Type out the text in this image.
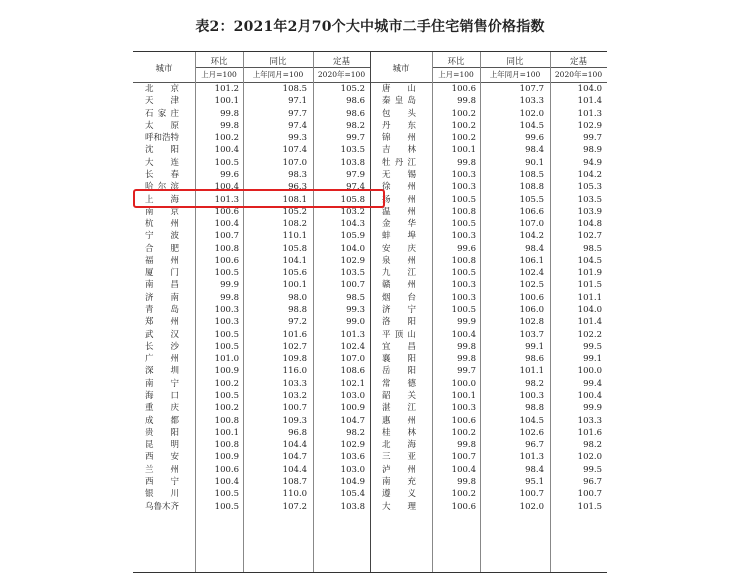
表2：2021年2月70个大中城市二手住宅销售价格指数
城市
环比	同比	定基
上月=100	上年同月=100	2020年=100
城市
环比	同比	定基
上月=100	上年同月=100	2020年=100
北京	101.2	108.5	105.2	唐山	100.6	107.7	104.0
天津	100.1	97.1	98.6	秦皇岛	99.8	103.3	101.4
石家庄	99.8	97.7	98.6	包头	100.2	102.0	101.3
太原	99.8	97.4	98.2	丹东	100.2	104.5	102.9
呼和浩特	100.2	99.3	99.7	锦州	100.2	99.6	99.7
沈阳	100.4	107.4	103.5	吉林	100.1	98.4	98.9
大连	100.5	107.0	103.8	牡丹江	99.8	90.1	94.9
长春	99.6	98.3	97.9	无锡	100.3	108.5	104.2
哈尔滨	100.4	96.3	97.4	徐州	100.3	108.8	105.3
上海	101.3	108.1	105.8	扬州	100.5	105.5	103.5
南京	100.6	105.2	103.2	温州	100.8	106.6	103.9
杭州	100.4	108.2	104.3	金华	100.5	107.0	104.8
宁波	100.7	110.1	105.9	蚌埠	100.3	104.2	102.7
合肥	100.8	105.8	104.0	安庆	99.6	98.4	98.5
福州	100.6	104.1	102.9	泉州	100.8	106.1	104.5
厦门	100.5	105.6	103.5	九江	100.5	102.4	101.9
南昌	99.9	100.1	100.7	赣州	100.3	102.5	101.5
济南	99.8	98.0	98.5	烟台	100.3	100.6	101.1
青岛	100.3	98.8	99.3	济宁	100.5	106.0	104.0
郑州	100.3	97.2	99.0	洛阳	99.9	102.8	101.4
武汉	100.5	101.6	101.3	平顶山	100.4	103.7	102.2
长沙	100.5	102.7	102.4	宜昌	99.8	99.1	99.5
广州	101.0	109.8	107.0	襄阳	99.8	98.6	99.1
深圳	100.9	116.0	108.6	岳阳	99.7	101.1	100.0
南宁	100.2	103.3	102.1	常德	100.0	98.2	99.4
海口	100.5	103.2	103.0	韶关	100.1	100.3	100.4
重庆	100.2	100.7	100.9	湛江	100.3	98.8	99.9
成都	100.8	109.3	104.7	惠州	100.6	104.5	103.3
贵阳	100.1	96.8	98.2	桂林	100.2	102.6	101.6
昆明	100.8	104.4	102.9	北海	99.8	96.7	98.2
西安	100.9	104.7	103.6	三亚	100.7	101.3	102.0
兰州	100.6	104.4	103.0	泸州	100.4	98.4	99.5
西宁	100.4	108.7	104.9	南充	99.8	95.1	96.7
银川	100.5	110.0	105.4	遵义	100.2	100.7	100.7
乌鲁木齐	100.5	107.2	103.8	大理	100.6	102.0	101.5
